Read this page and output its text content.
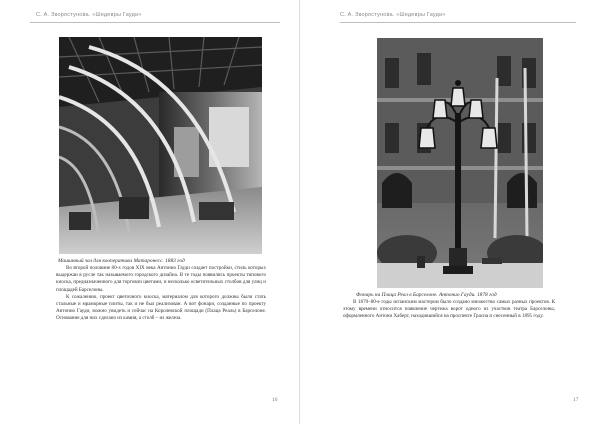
С. А. Зворостунова. «Шедевры Гауди»
Машинный зал для кооператива Матаронесс. 1883 год

Во второй половине 80-х годов XIX века Антонио Гауди создает постройки, стиль которых выдержан в русле так называемого городского дизайна. В те годы появились проекты типового киоска, предназначенного для торговли цветами, и несколько осветительных столбов для улиц и площадей Барселоны.

К сожалению, проект цветочного киоска, материалом для которого должны были стать стальные и мраморные плиты, так и не был реализован. А вот фонари, созданные по проекту Антонио Гауди, можно увидеть и сейчас на Королевской площади (Плаца Реаль) в Барселоне. Основание для них сделано из камня, а столб – из железа.

16
С. А. Зворостунова. «Шедевры Гауди»
Фонарь на Плаца Реал в Барселоне. Антонио Гауди. 1878 год

В 1870–80-е годы испанским мастером было создано множество самых разных проектов. К этому времени относится появление чертежа ворот одного из участков театра Барселоны, оформленного Антони Хаберт, находившийся на проспекте Грасиа и снесенный в 1895 году.

17
